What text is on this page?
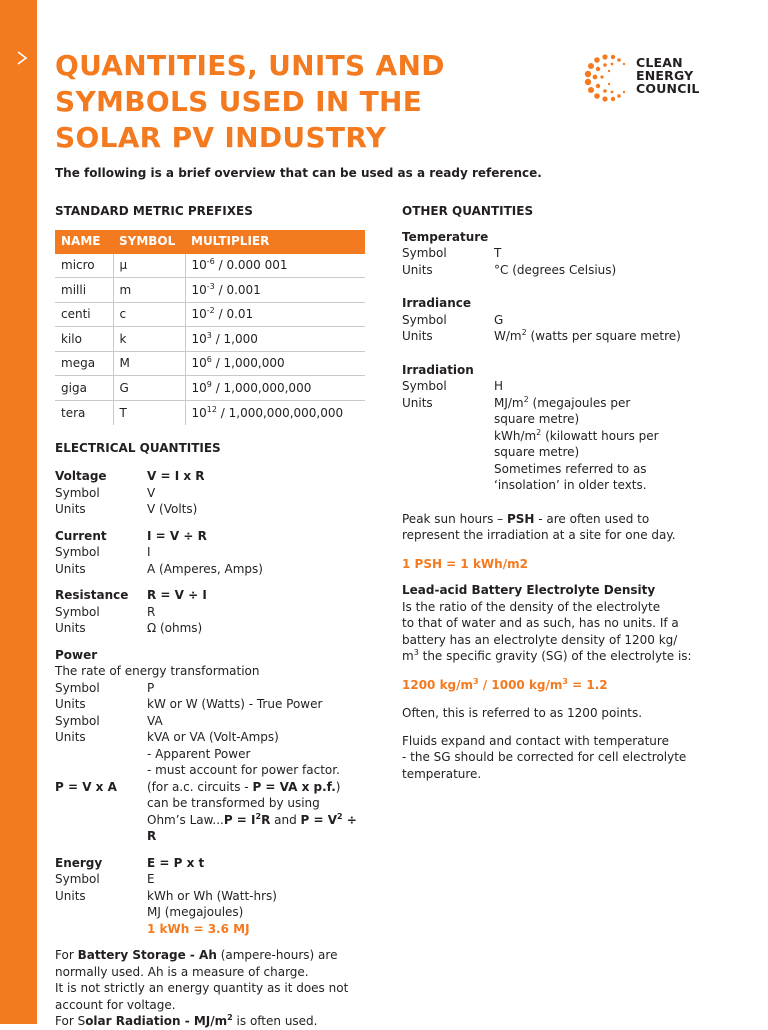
QUANTITIES, UNITS AND
SYMBOLS USED IN THE
SOLAR PV INDUSTRY
CLEAN
ENERGY
COUNCIL
The following is a brief overview that can be used as a ready reference.

STANDARD METRIC PREFIXES

NAME	SYMBOL	MULTIPLIER
micro	µ	$10^{-6} / 0.000$ 001
milli	m	$10^{-3} / 0.001$
centi	c	$10^{-2} / 0.01$
kilo	k	$10^3 / 1,000$
mega	M	$10^6 / 1,000,000$
giga	G	$10^9 / 1,000,000,000$
tera	T	$10^{12} / 1,000,000,000,000$

ELECTRICAL QUANTITIES

Voltage	V = I x R
Symbol	V
Units	V (Volts)
Current	I = V ÷ R
Symbol	I
Units	A (Amperes, Amps)
Resistance	R = V ÷ I
Symbol	R
Units	Ω (ohms)
Power
The rate of energy transformation
Symbol	P
Units	kW or W (Watts) - True Power
Symbol	VA
Units	kVA or VA (Volt-Amps)
- Apparent Power
- must account for power factor.
P = V x A	(for a.c. circuits - P = VA x p.f.)
can be transformed by using
Ohm’s $Law...P = I^2R$ and $P = V^2 \div R$
Energy	E = P x t
Symbol	E
Units	kWh or Wh (Watt-hrs)
MJ (megajoules)
1 kWh = 3.6 MJ
For Battery Storage - Ah (ampere-hours) are
normally used. Ah is a measure of charge.
It is not strictly an energy quantity as it does not
account for voltage.
For Solar Radiation - $MJ/m^2$ is often used.

OTHER QUANTITIES

Temperature
Symbol	T
Units	°C (degrees Celsius)
Irradiance
Symbol	G
Units	$W/m^2$ (watts per square metre)
Irradiation
Symbol	H
Units	$MJ/m^2$ (megajoules per
square metre)
kWh/$m^2$ (kilowatt hours per
square metre)
Sometimes referred to as
‘insolation’ in older texts.
Peak sun hours – PSH - are often used to
represent the irradiation at a site for one day.
1 PSH = 1 kWh/m2
Lead-acid Battery Electrolyte Density
Is the ratio of the density of the electrolyte
to that of water and as such, has no units. If a
battery has an electrolyte density of 1200 kg/
$m^3$ the specific gravity (SG) of the electrolyte is:
1200 $kg/m^3 / 1000$ $kg/m^3 = 1.2$
Often, this is referred to as 1200 points.
Fluids expand and contact with temperature
- the SG should be corrected for cell electrolyte
temperature.
